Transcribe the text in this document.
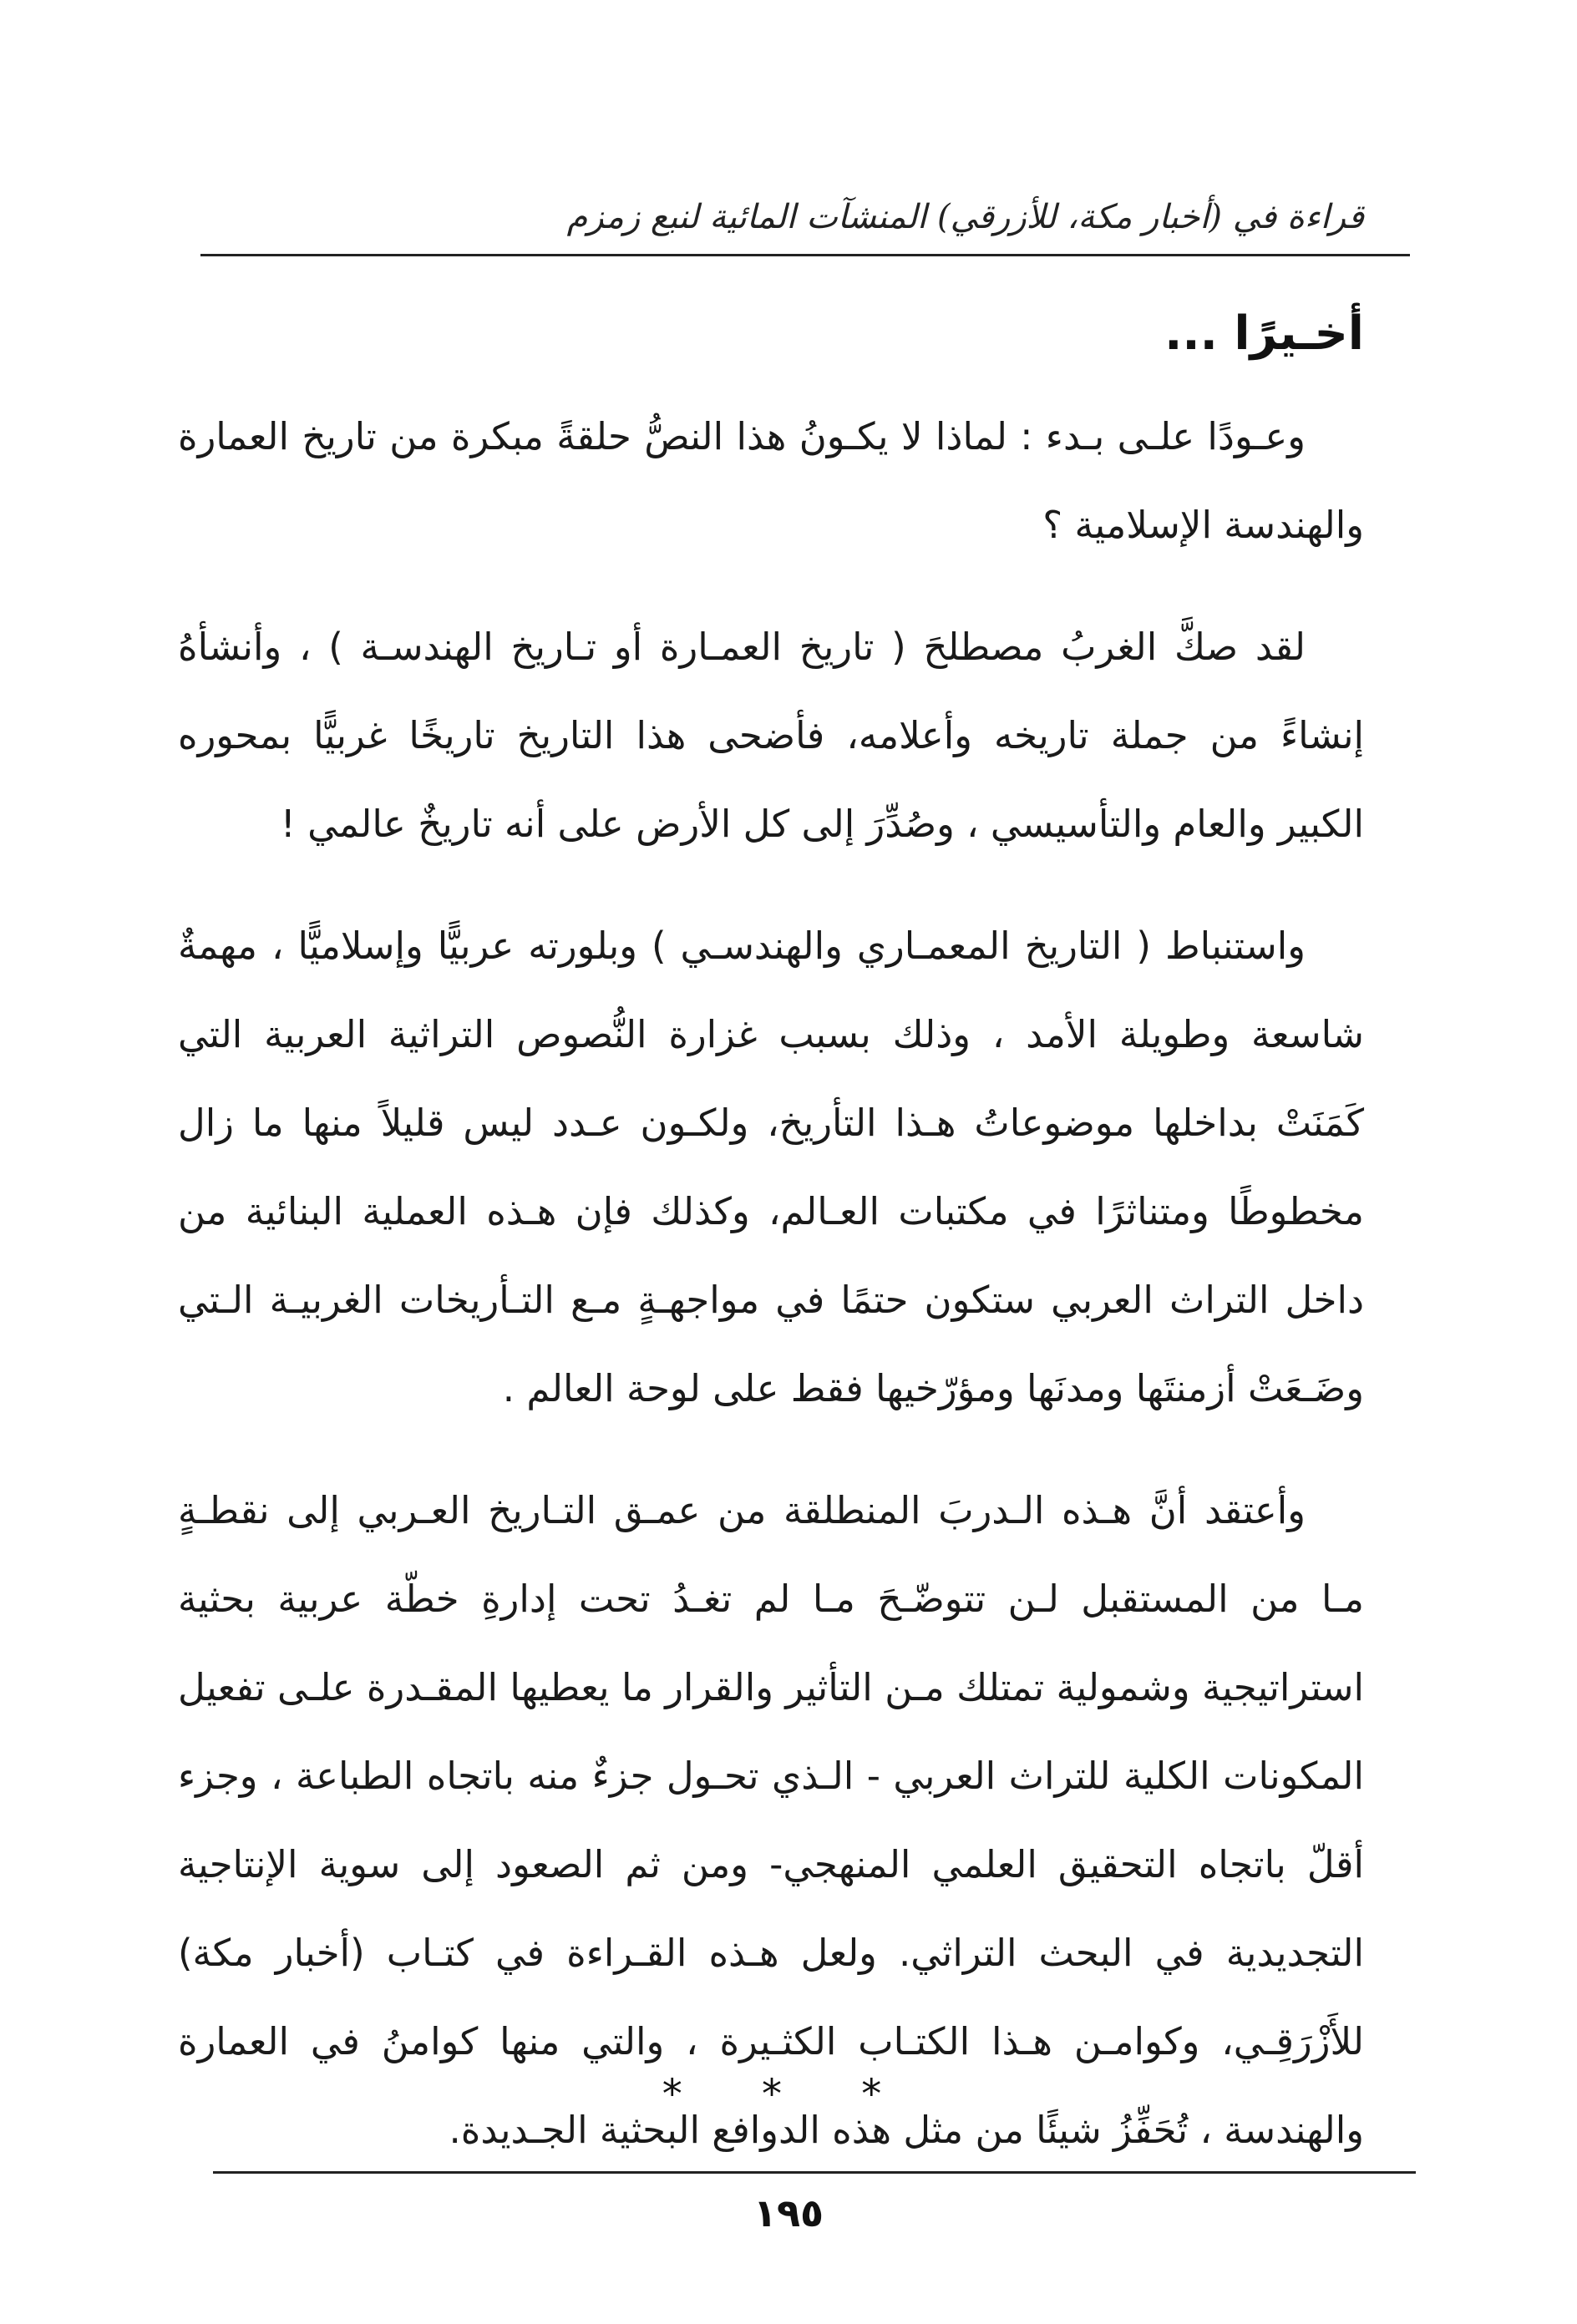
قراءة في (أخبار مكة، للأزرقي) المنشآت المائية لنبع زمزم
أخـيرًا ...

وعـودًا علـى بـدء : لماذا لا يكـونُ هذا النصُّ حلقةً مبكرة من تاريخ العمارة والهندسة الإسلامية ؟

لقد صكَّ الغربُ مصطلحَ ( تاريخ العمـارة أو تـاريخ الهندسـة ) ، وأنشأهُ إنشاءً من جملة تاريخه وأعلامه، فأضحى هذا التاريخ تاريخًا غربيًّا بمحوره الكبير والعام والتأسيسي ، وصُدِّرَ إلى كل الأرض على أنه تاريخٌ عالمي !

واستنباط ( التاريخ المعمـاري والهندسـي ) وبلورته عربيًّا وإسلاميًّا ، مهمةٌ شاسعة وطويلة الأمد ، وذلك بسبب غزارة النُّصوص التراثية العربية التي كَمَنَتْ بداخلها موضوعاتُ هـذا التأريخ، ولكـون عـدد ليس قليلاً منها ما زال مخطوطًا ومتناثرًا في مكتبات العـالم، وكذلك فإن هـذه العملية البنائية من داخل التراث العربي ستكون حتمًا في مواجهـةٍ مـع التـأريخات الغربيـة الـتي وضَـعَتْ أزمنتَها ومدنَها ومؤرّخيها فقط على لوحة العالم .

وأعتقد أنَّ هـذه الـدربَ المنطلقة من عمـق التـاريخ العـربي إلى نقطـةٍ مـا من المستقبل لـن تتوضّـحَ مـا لم تغـدُ تحت إدارةِ خطّة عربية بحثية استراتيجية وشمولية تمتلك مـن التأثير والقرار ما يعطيها المقـدرة علـى تفعيل المكونات الكلية للتراث العربي - الـذي تحـول جزءٌ منه باتجاه الطباعة ، وجزء أقلّ باتجاه التحقيق العلمي المنهجي- ومن ثم الصعود إلى سوية الإنتاجية التجديدية في البحث التراثي. ولعل هـذه القـراءة في كتـاب (أخبار مكة) للأَزْرَقِـي، وكوامـن هـذا الكتـاب الكثـيرة ، والتي منها كوامنُ في العمارة والهندسة ، تُحَفِّزُ شيئًا من مثل هذه الدوافع البحثية الجـديدة.

* * *
١٩٥
